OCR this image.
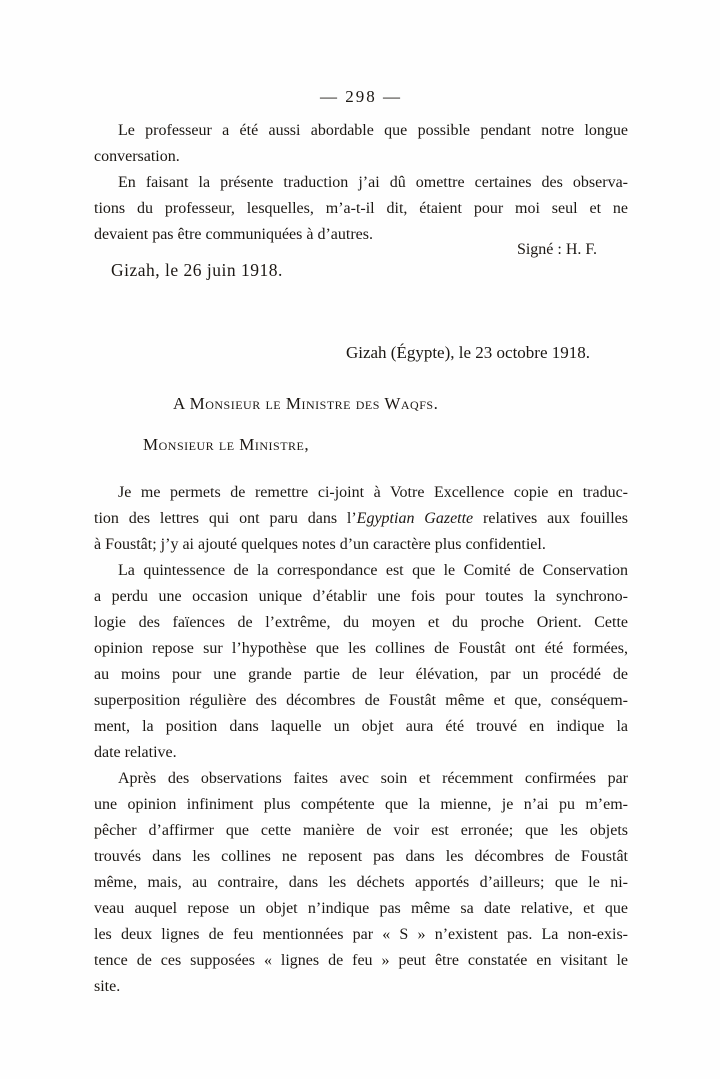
— 298 —
Le professeur a été aussi abordable que possible pendant notre longue
conversation.
En faisant la présente traduction j’ai dû omettre certaines des observa-
tions du professeur, lesquelles, m’a-t-il dit, étaient pour moi seul et ne
devaient pas être communiquées à d’autres.
Signé : H. F.
Gizah, le 26 juin 1918.
Gizah (Égypte), le 23 octobre 1918.
A Monsieur le Ministre des Waqfs.
Monsieur le Ministre,
Je me permets de remettre ci-joint à Votre Excellence copie en traduc-
tion des lettres qui ont paru dans l’Egyptian Gazette relatives aux fouilles
à Foustât; j’y ai ajouté quelques notes d’un caractère plus confidentiel.
La quintessence de la correspondance est que le Comité de Conservation
a perdu une occasion unique d’établir une fois pour toutes la synchrono-
logie des faïences de l’extrême, du moyen et du proche Orient. Cette
opinion repose sur l’hypothèse que les collines de Foustât ont été formées,
au moins pour une grande partie de leur élévation, par un procédé de
superposition régulière des décombres de Foustât même et que, conséquem-
ment, la position dans laquelle un objet aura été trouvé en indique la
date relative.
Après des observations faites avec soin et récemment confirmées par
une opinion infiniment plus compétente que la mienne, je n’ai pu m’em-
pêcher d’affirmer que cette manière de voir est erronée; que les objets
trouvés dans les collines ne reposent pas dans les décombres de Foustât
même, mais, au contraire, dans les déchets apportés d’ailleurs; que le ni-
veau auquel repose un objet n’indique pas même sa date relative, et que
les deux lignes de feu mentionnées par « S » n’existent pas. La non-exis-
tence de ces supposées « lignes de feu » peut être constatée en visitant le
site.
